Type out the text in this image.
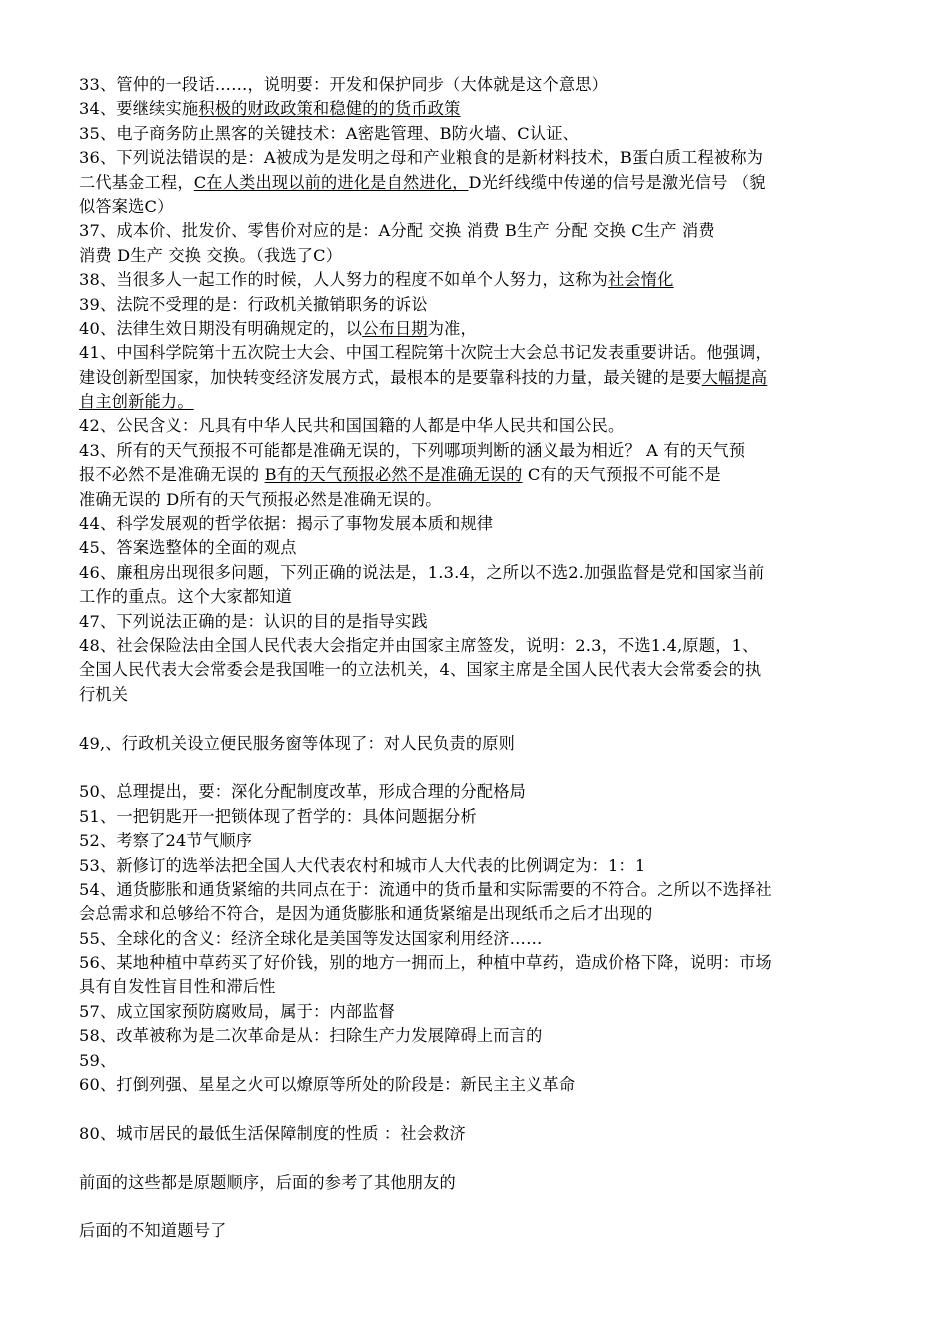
33、管仲的一段话……，说明要：开发和保护同步（大体就是这个意思）
34、要继续实施积极的财政政策和稳健的的货币政策
35、电子商务防止黑客的关键技术：A密匙管理、B防火墙、C认证、
36、下列说法错误的是：A被成为是发明之母和产业粮食的是新材料技术，B蛋白质工程被称为
二代基金工程，C在人类出现以前的进化是自然进化，D光纤线缆中传递的信号是激光信号 （貌
似答案选C）
37、成本价、批发价、零售价对应的是：A分配 交换 消费 B生产 分配 交换 C生产 消费
消费 D生产 交换 交换。（我选了C）
38、当很多人一起工作的时候，人人努力的程度不如单个人努力，这称为社会惰化
39、法院不受理的是：行政机关撤销职务的诉讼
40、法律生效日期没有明确规定的，以公布日期为准，
41、中国科学院第十五次院士大会、中国工程院第十次院士大会总书记发表重要讲话。他强调，
建设创新型国家，加快转变经济发展方式，最根本的是要靠科技的力量，最关键的是要大幅提高
自主创新能力。
42、公民含义：凡具有中华人民共和国国籍的人都是中华人民共和国公民。
43、所有的天气预报不可能都是准确无误的，下列哪项判断的涵义最为相近？ A 有的天气预
报不必然不是准确无误的 B有的天气预报必然不是准确无误的 C有的天气预报不可能不是
准确无误的 D所有的天气预报必然是准确无误的。
44、科学发展观的哲学依据：揭示了事物发展本质和规律
45、答案选整体的全面的观点
46、廉租房出现很多问题，下列正确的说法是，1.3.4，之所以不选2.加强监督是党和国家当前
工作的重点。这个大家都知道
47、下列说法正确的是：认识的目的是指导实践
48、社会保险法由全国人民代表大会指定并由国家主席签发，说明：2.3，不选1.4,原题，1、
全国人民代表大会常委会是我国唯一的立法机关，4、国家主席是全国人民代表大会常委会的执
行机关
49,、行政机关设立便民服务窗等体现了：对人民负责的原则
50、总理提出，要：深化分配制度改革，形成合理的分配格局
51、一把钥匙开一把锁体现了哲学的：具体问题据分析
52、考察了24节气顺序
53、新修订的选举法把全国人大代表农村和城市人大代表的比例调定为：1：1
54、通货膨胀和通货紧缩的共同点在于：流通中的货币量和实际需要的不符合。之所以不选择社
会总需求和总够给不符合，是因为通货膨胀和通货紧缩是出现纸币之后才出现的
55、全球化的含义：经济全球化是美国等发达国家利用经济……
56、某地种植中草药买了好价钱，别的地方一拥而上，种植中草药，造成价格下降，说明：市场
具有自发性盲目性和滞后性
57、成立国家预防腐败局，属于：内部监督
58、改革被称为是二次革命是从：扫除生产力发展障碍上而言的
59、
60、打倒列强、星星之火可以燎原等所处的阶段是：新民主主义革命
80、城市居民的最低生活保障制度的性质 ：社会救济
前面的这些都是原题顺序，后面的参考了其他朋友的
后面的不知道题号了
